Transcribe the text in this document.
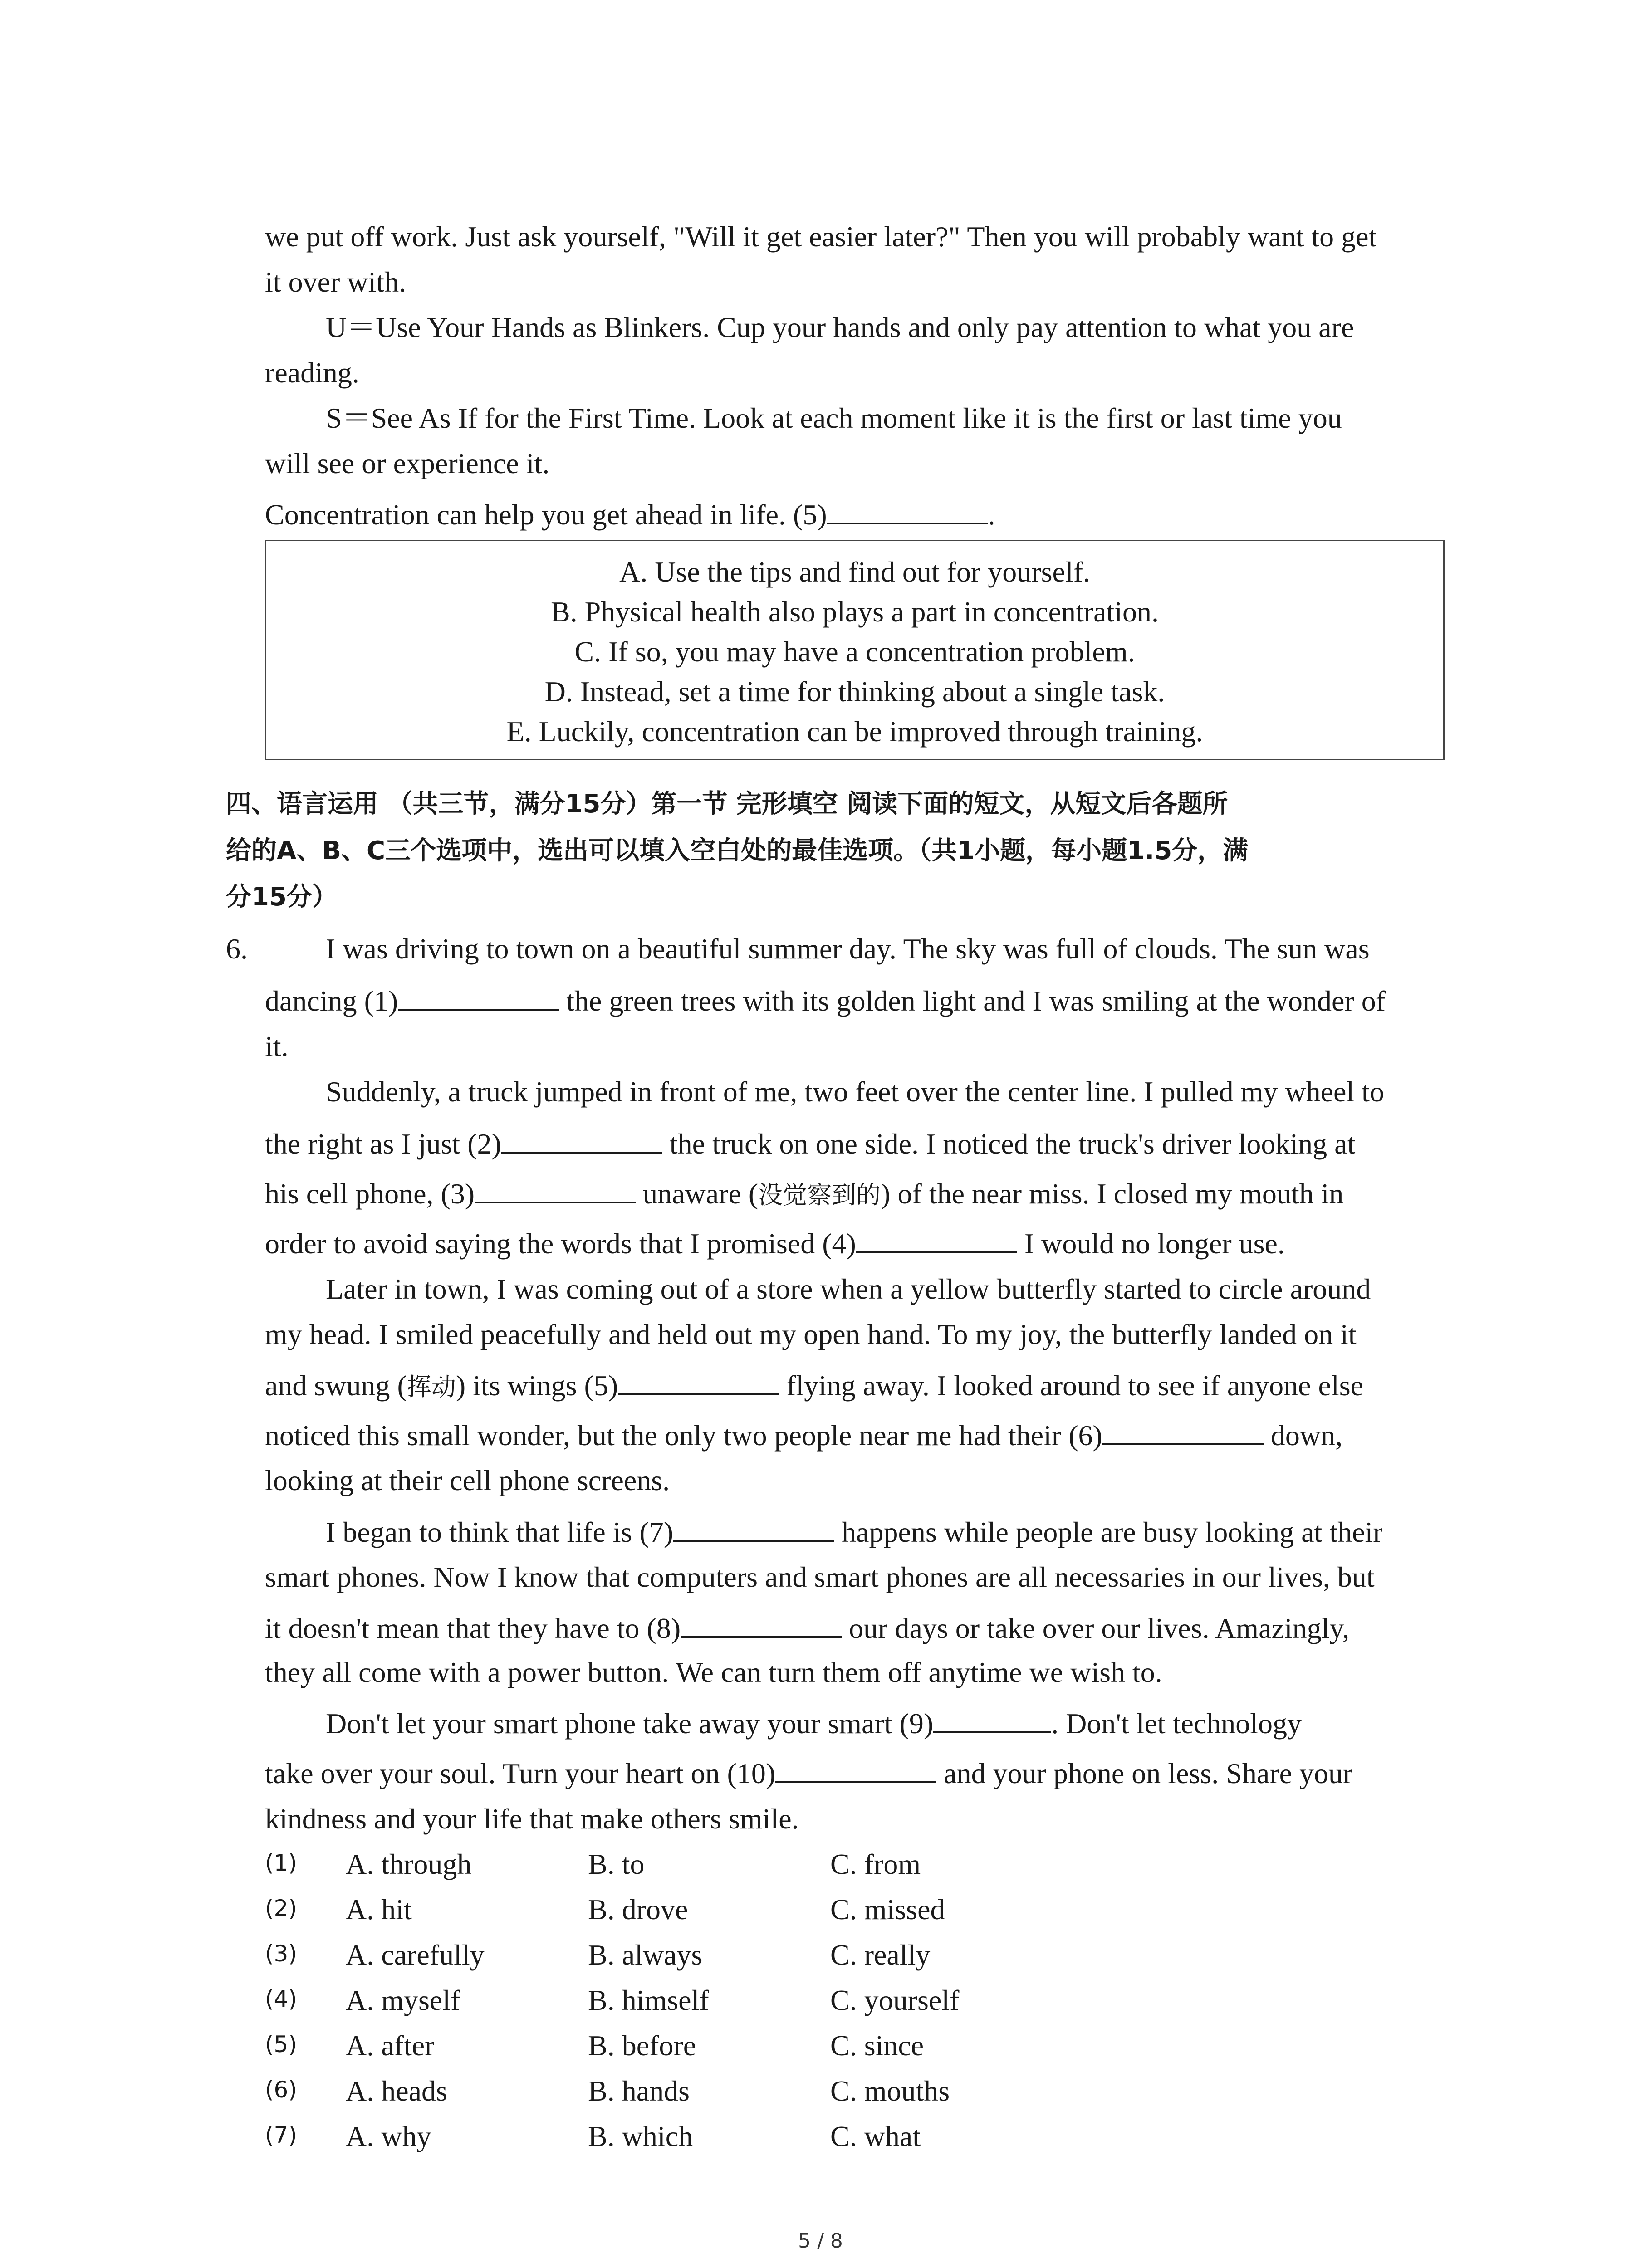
we put off work. Just ask yourself, "Will it get easier later?" Then you will probably want to get
it over with.
U＝Use Your Hands as Blinkers. Cup your hands and only pay attention to what you are
reading.
S＝See As If for the First Time. Look at each moment like it is the first or last time you
will see or experience it.
Concentration can help you get ahead in life. (5)	.
A. Use the tips and find out for yourself.
B. Physical health also plays a part in concentration.
C. If so, you may have a concentration problem.
D. Instead, set a time for thinking about a single task.
E. Luckily, concentration can be improved through training.
四、语言运用 （共三节，满分15分）第一节 完形填空 阅读下面的短文，从短文后各题所
给的A、B、C三个选项中，选出可以填入空白处的最佳选项。（共1小题，每小题1.5分，满
分15分）
6.	I was driving to town on a beautiful summer day. The sky was full of clouds. The sun was
dancing (1)	the green trees with its golden light and I was smiling at the wonder of
it.
Suddenly, a truck jumped in front of me, two feet over the center line. I pulled my wheel to
the right as I just (2)	the truck on one side. I noticed the truck's driver looking at
his cell phone, (3)	unaware (没觉察到的) of the near miss. I closed my mouth in
order to avoid saying the words that I promised (4)	I would no longer use.
Later in town, I was coming out of a store when a yellow butterfly started to circle around
my head. I smiled peacefully and held out my open hand. To my joy, the butterfly landed on it
and swung (挥动) its wings (5)	flying away. I looked around to see if anyone else
noticed this small wonder, but the only two people near me had their (6)	down,
looking at their cell phone screens.
I began to think that life is (7)	happens while people are busy looking at their
smart phones. Now I know that computers and smart phones are all necessaries in our lives, but
it doesn't mean that they have to (8)	our days or take over our lives. Amazingly,
they all come with a power button. We can turn them off anytime we wish to.
Don't let your smart phone take away your smart (9)	. Don't let technology
take over your soul. Turn your heart on (10)	and your phone on less. Share your
kindness and your life that make others smile.
(1) A. through	B. to	C. from
(2) A. hit	B. drove	C. missed
(3) A. carefully	B. always	C. really
(4) A. myself	B. himself	C. yourself
(5) A. after	B. before	C. since
(6) A. heads	B. hands	C. mouths
(7) A. why	B. which	C. what
5 / 8
